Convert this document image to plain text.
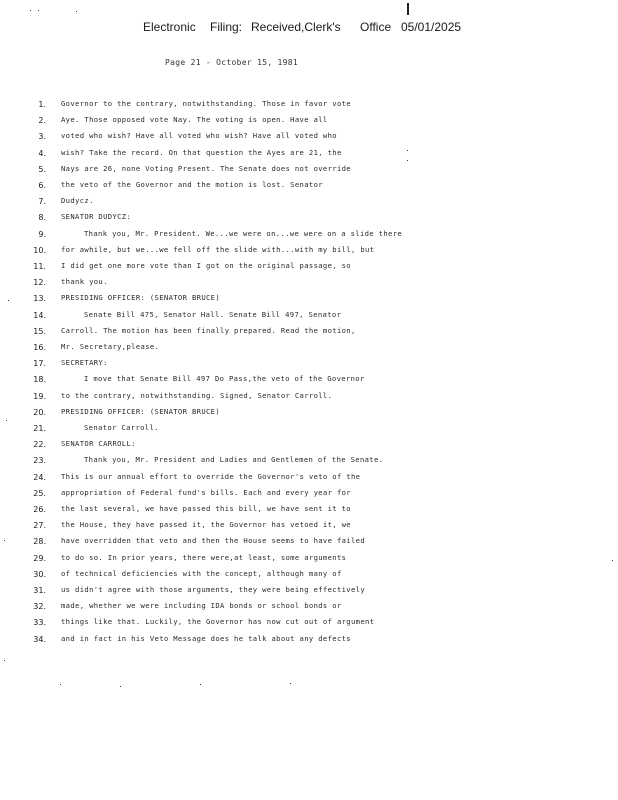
Electronic Filing: Received,Clerk's Office 05/01/2025
Page 21 - October 15, 1981
1. Governor to the contrary, notwithstanding. Those in favor vote
2. Aye. Those opposed vote Nay. The voting is open. Have all
3. voted who wish? Have all voted who wish? Have all voted who
4. wish? Take the record. On that question the Ayes are 21, the
5. Nays are 26, none Voting Present. The Senate does not override
6. the veto of the Governor and the motion is lost. Senator
7. Dudycz.
8. SENATOR DUDYCZ:
9.	Thank you, Mr. President. We...we were on...we were on a slide there
10. for awhile, but we...we fell off the slide with...with my bill, but
11. I did get one more vote than I got on the original passage, so
12. thank you.
13. PRESIDING OFFICER: (SENATOR BRUCE)
14.	Senate Bill 475, Senator Hall. Senate Bill 497, Senator
15. Carroll. The motion has been finally prepared. Read the motion,
16. Mr. Secretary,please.
17. SECRETARY:
18.	I move that Senate Bill 497 Do Pass,the veto of the Governor
19. to the contrary, notwithstanding. Signed, Senator Carroll.
20. PRESIDING OFFICER: (SENATOR BRUCE)
21.	Senator Carroll.
22. SENATOR CARROLL:
23.	Thank you, Mr. President and Ladies and Gentlemen of the Senate.
24. This is our annual effort to override the Governor's veto of the
25. appropriation of Federal fund's bills. Each and every year for
26. the last several, we have passed this bill, we have sent it to
27. the House, they have passed it, the Governor has vetoed it, we
28. have overridden that veto and then the House seems to have failed
29. to do so. In prior years, there were,at least, some arguments
30. of technical deficiencies with the concept, although many of
31. us didn't agree with those arguments, they were being effectively
32. made, whether we were including IDA bonds or school bonds or
33. things like that. Luckily, the Governor has now cut out of argument
34. and in fact in his Veto Message does he talk about any defects
